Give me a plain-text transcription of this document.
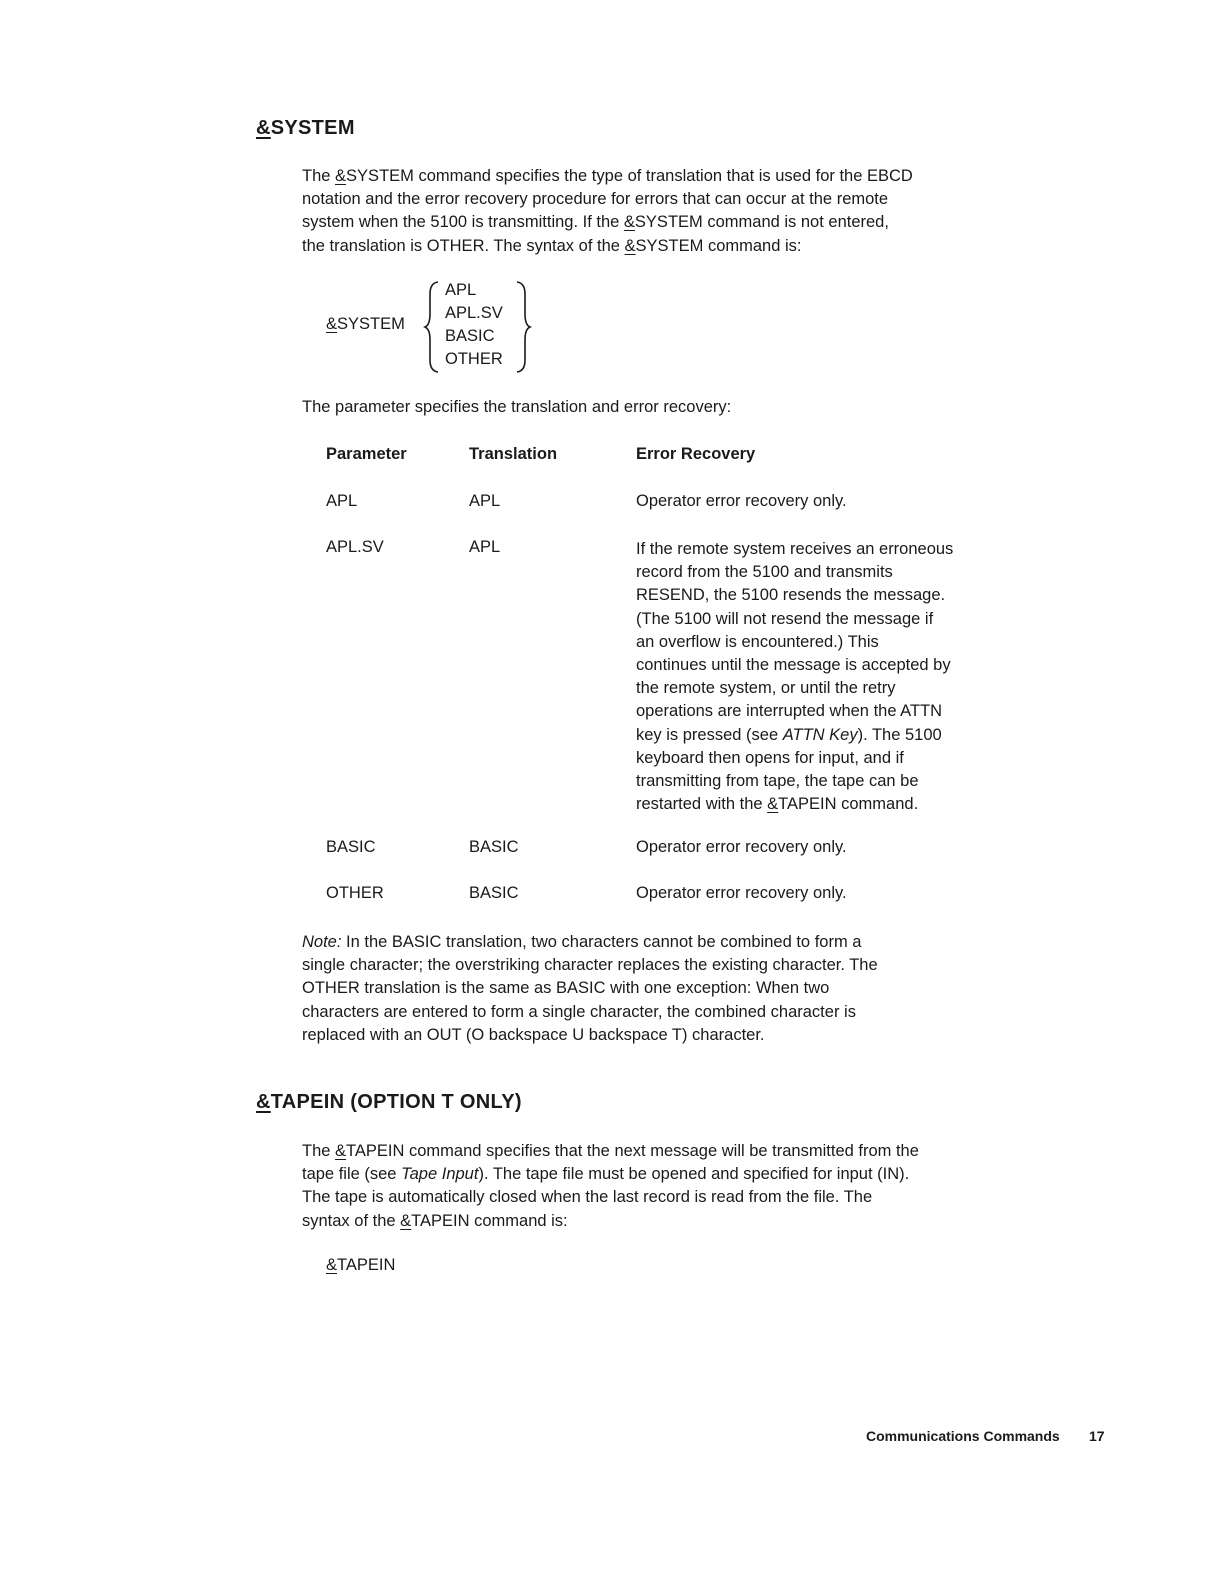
&SYSTEM
The &SYSTEM command specifies the type of translation that is used for the EBCD
notation and the error recovery procedure for errors that can occur at the remote
system when the 5100 is transmitting. If the &SYSTEM command is not entered,
the translation is OTHER. The syntax of the &SYSTEM command is:
&SYSTEM
APL
APL.SV
BASIC
OTHER
The parameter specifies the translation and error recovery:
Parameter	Translation	Error Recovery
APL	APL	Operator error recovery only.
APL.SV	APL	If the remote system receives an erroneous
record from the 5100 and transmits
RESEND, the 5100 resends the message.
(The 5100 will not resend the message if
an overflow is encountered.) This
continues until the message is accepted by
the remote system, or until the retry
operations are interrupted when the ATTN
key is pressed (see ATTN Key). The 5100
keyboard then opens for input, and if
transmitting from tape, the tape can be
restarted with the &TAPEIN command.
BASIC	BASIC	Operator error recovery only.
OTHER	BASIC	Operator error recovery only.
Note: In the BASIC translation, two characters cannot be combined to form a
single character; the overstriking character replaces the existing character. The
OTHER translation is the same as BASIC with one exception: When two
characters are entered to form a single character, the combined character is
replaced with an OUT (O backspace U backspace T) character.
&TAPEIN (OPTION T ONLY)
The &TAPEIN command specifies that the next message will be transmitted from the
tape file (see Tape Input). The tape file must be opened and specified for input (IN).
The tape is automatically closed when the last record is read from the file. The
syntax of the &TAPEIN command is:
&TAPEIN
Communications Commands 17
